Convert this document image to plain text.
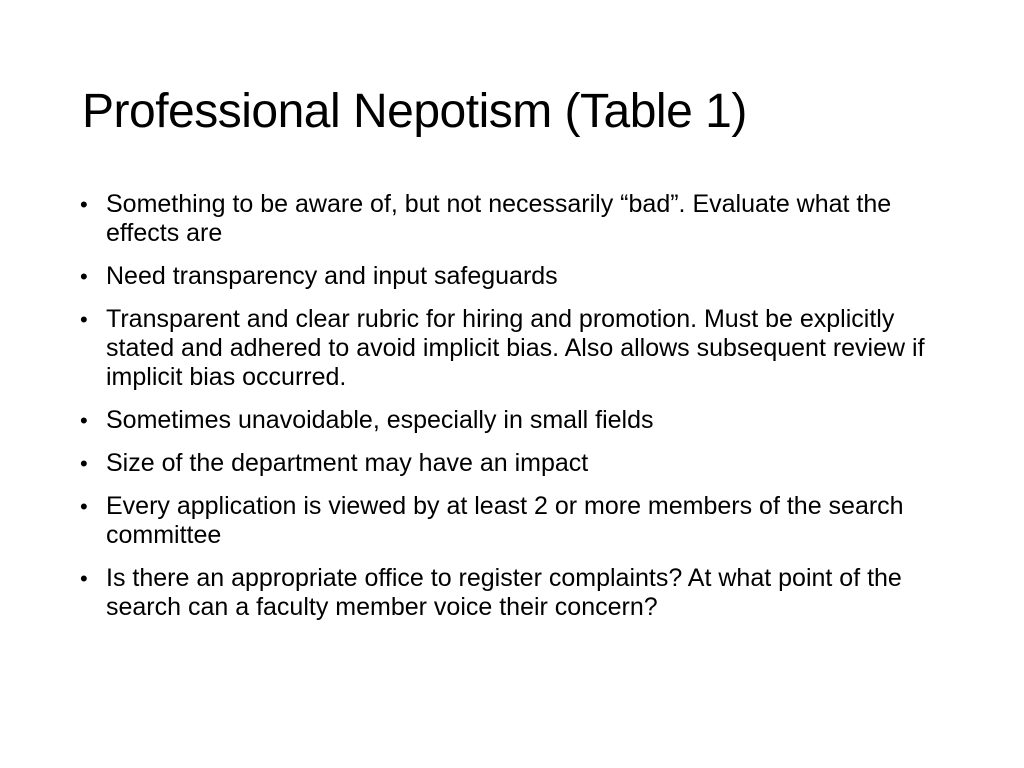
Professional Nepotism (Table 1)
• Something to be aware of, but not necessarily “bad”. Evaluate what the effects are
• Need transparency and input safeguards
• Transparent and clear rubric for hiring and promotion. Must be explicitly stated and adhered to avoid implicit bias. Also allows subsequent review if implicit bias occurred.
• Sometimes unavoidable, especially in small fields
• Size of the department may have an impact
• Every application is viewed by at least 2 or more members of the search committee
• Is there an appropriate office to register complaints? At what point of the search can a faculty member voice their concern?
